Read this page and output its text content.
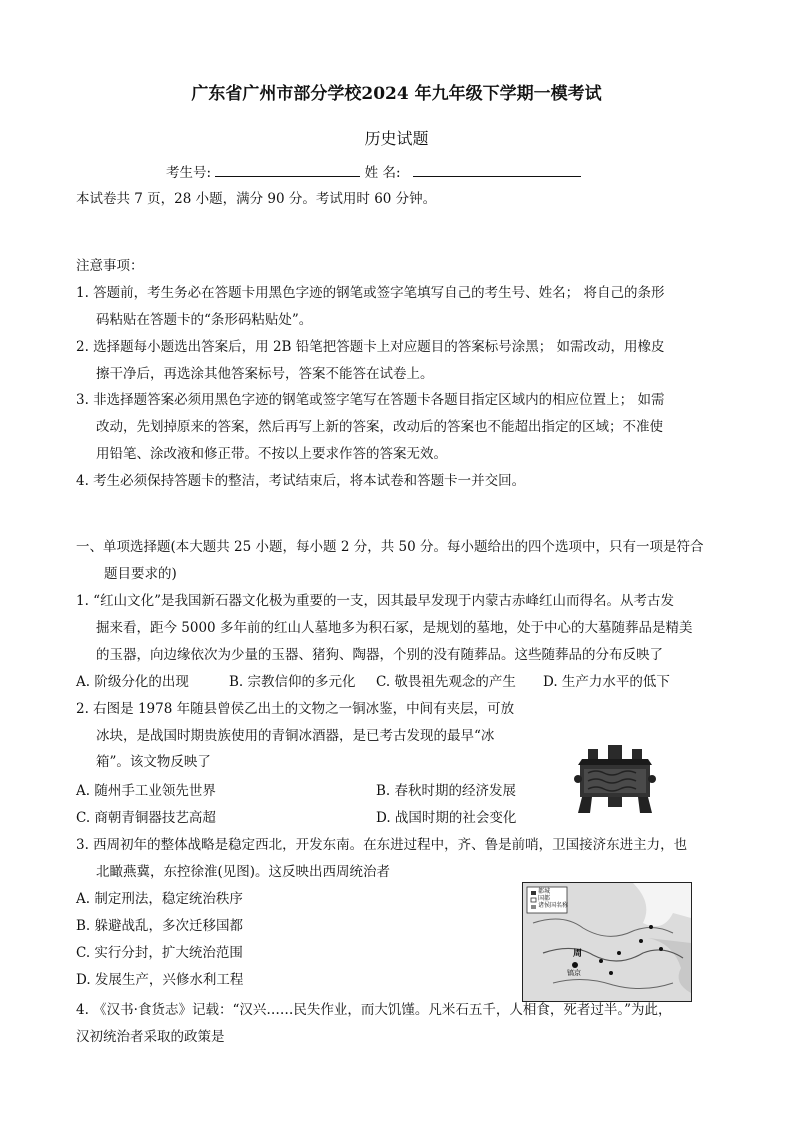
广东省广州市部分学校2024 年九年级下学期一模考试
历史试题
考生号:	姓 名:
本试卷共 7 页，28 小题，满分 90 分。考试用时 60 分钟。
注意事项：
1. 答题前，考生务必在答题卡用黑色字迹的钢笔或签字笔填写自己的考生号、姓名； 将自己的条形
码粘贴在答题卡的“条形码粘贴处”。
2. 选择题每小题选出答案后，用 2B 铅笔把答题卡上对应题目的答案标号涂黑； 如需改动，用橡皮
擦干净后，再选涂其他答案标号，答案不能答在试卷上。
3. 非选择题答案必须用黑色字迹的钢笔或签字笔写在答题卡各题目指定区域内的相应位置上； 如需
改动，先划掉原来的答案，然后再写上新的答案，改动后的答案也不能超出指定的区域；不准使
用铅笔、涂改液和修正带。不按以上要求作答的答案无效。
4. 考生必须保持答题卡的整洁，考试结束后，将本试卷和答题卡一并交回。
一、单项选择题(本大题共 25 小题，每小题 2 分，共 50 分。每小题给出的四个选项中，只有一项是符合
题目要求的)
1. “红山文化”是我国新石器文化极为重要的一支，因其最早发现于内蒙古赤峰红山而得名。从考古发
掘来看，距今 5000 多年前的红山人墓地多为积石冢，是规划的墓地，处于中心的大墓随葬品是精美
的玉器，向边缘依次为少量的玉器、猪狗、陶器，个别的没有随葬品。这些随葬品的分布反映了
A. 阶级分化的出现	B. 宗教信仰的多元化 C. 敬畏祖先观念的产生 D. 生产力水平的低下
2. 右图是 1978 年随县曾侯乙出土的文物之一铜冰鉴，中间有夹层，可放
冰块，是战国时期贵族使用的青铜冰酒器，是已考古发现的最早“冰
箱”。该文物反映了
A. 随州手工业领先世界	B. 春秋时期的经济发展
C. 商朝青铜器技艺高超	D. 战国时期的社会变化
3. 西周初年的整体战略是稳定西北，开发东南。在东进过程中，齐、鲁是前哨，卫国接济东进主力，也
北瞰燕冀，东控徐淮(见图)。这反映出西周统治者
A. 制定刑法，稳定统治秩序
B. 躲避战乱，多次迁移国都
C. 实行分封，扩大统治范围
D. 发展生产，兴修水利工程
都城
国都
诸侯国名称
周
镐京
4. 《汉书·食货志》记载：“汉兴……民失作业，而大饥馑。凡米石五千，人相食，死者过半。”为此，
汉初统治者采取的政策是
